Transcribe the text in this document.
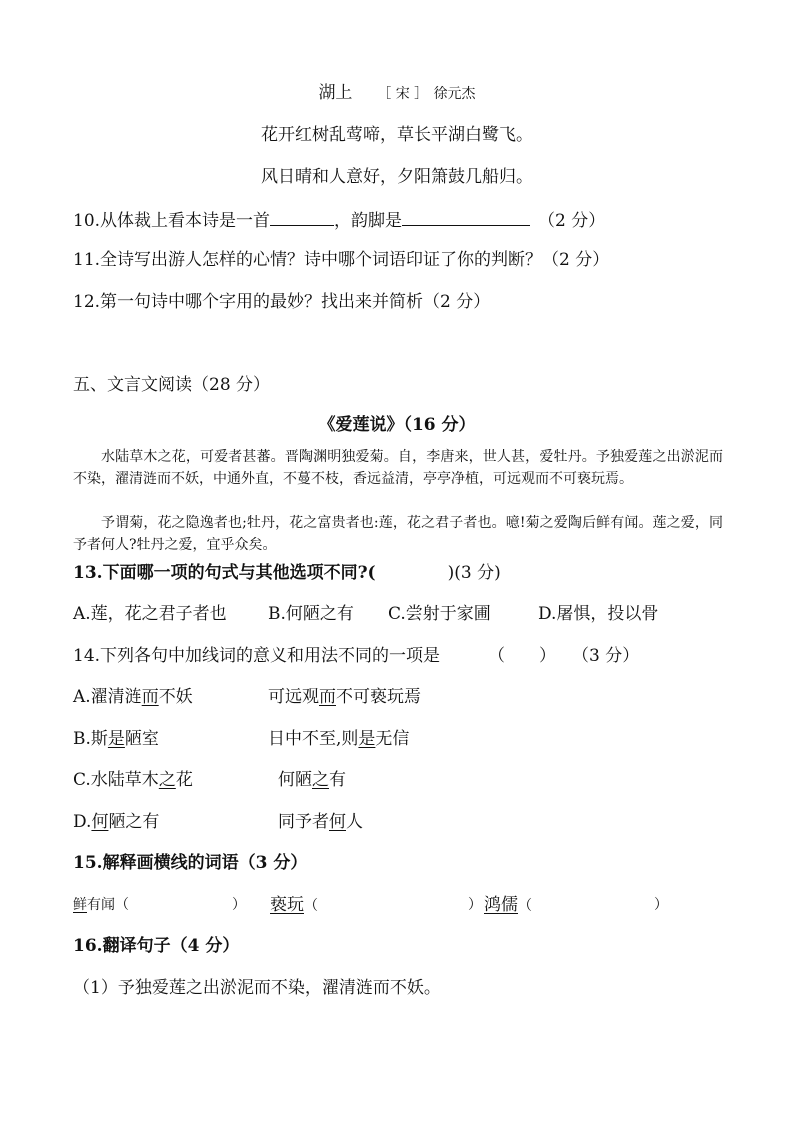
湖上 ［ 宋 ］ 徐元杰
花开红树乱莺啼，草长平湖白鹭飞。
风日晴和人意好，夕阳箫鼓几船归。
10.从体裁上看本诗是一首	，韵脚是	（2 分）
11.全诗写出游人怎样的心情？诗中哪个词语印证了你的判断？（2 分）
12.第一句诗中哪个字用的最妙？找出来并简析（2 分）
五、文言文阅读（28 分）
《爱莲说》（16 分）

水陆草木之花，可爱者甚蕃。晋陶渊明独爱菊。自，李唐来，世人甚，爱牡丹。予独爱莲之出淤泥而不染，濯清涟而不妖，中通外直，不蔓不枝，香远益清，亭亭净植，可远观而不可亵玩焉。

予谓菊，花之隐逸者也;牡丹，花之富贵者也:莲，花之君子者也。噫!菊之爱陶后鲜有闻。莲之爱，同予者何人?牡丹之爱，宜乎众矣。

13.下面哪一项的句式与其他选项不同?(	)(3 分)
A.莲，花之君子者也 B.何陋之有 C.尝射于家圃	D.屠惧，投以骨
14.下列各句中加线词的意义和用法不同的一项是	（　　） （3 分）
A.濯清涟而不妖	可远观而不可亵玩焉
B.斯是陋室	日中不至,则是无信
C.水陆草木之花	何陋之有
D.何陋之有	同予者何人
15.解释画横线的词语（3 分）
鲜有闻（	） 亵玩（	） 鸿儒（	）
16.翻译句子（4 分）
（1）予独爱莲之出淤泥而不染，濯清涟而不妖。
